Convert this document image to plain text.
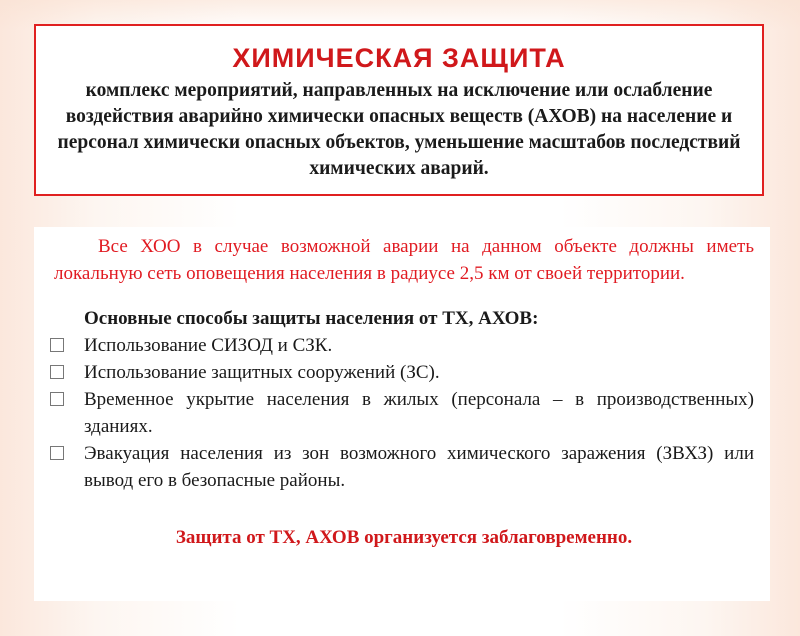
ХИМИЧЕСКАЯ ЗАЩИТА

комплекс мероприятий, направленных на исключение или ослабление воздействия аварийно химически опасных веществ (АХОВ) на население и персонал химически опасных объектов, уменьшение масштабов последствий химических аварий.

Все ХОО в случае возможной аварии на данном объекте должны иметь локальную сеть оповещения населения в радиусе 2,5 км от своей территории.

Основные способы защиты населения от ТХ, АХОВ:

Использование СИЗОД и СЗК.
Использование защитных сооружений (ЗС).
Временное укрытие населения в жилых (персонала – в производственных) зданиях.
Эвакуация населения из зон возможного химического заражения (ЗВХЗ) или вывод его в безопасные районы.

Защита от ТХ, АХОВ организуется заблаговременно.
